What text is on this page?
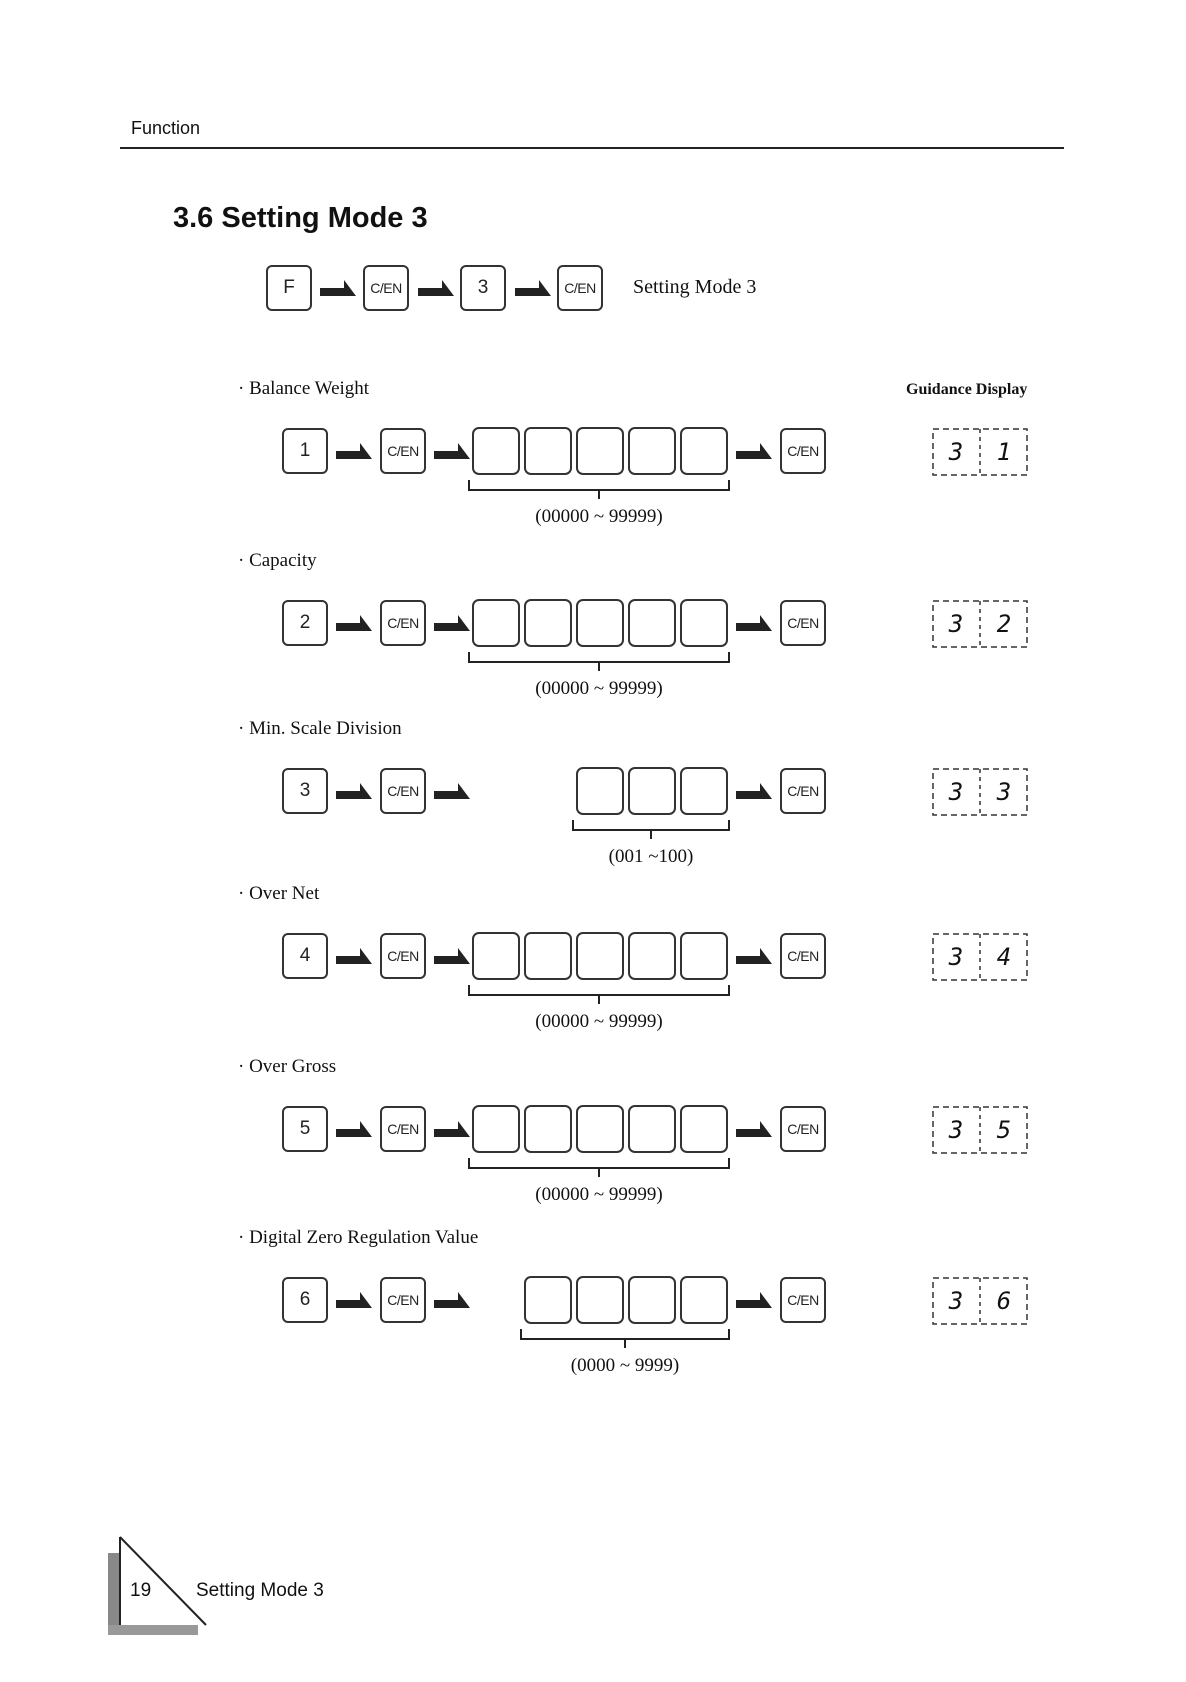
Function
3.6 Setting Mode 3
F	C/EN	3	C/EN	Setting Mode 3
Guidance Display
· Balance Weight
1	C/EN	C/EN
(00000 ~ 99999)
3	1
· Capacity
2	C/EN	C/EN
(00000 ~ 99999)
3	2
· Min. Scale Division
3	C/EN	C/EN
(001 ~100)
3	3
· Over Net
4	C/EN	C/EN
(00000 ~ 99999)
3	4
· Over Gross
5	C/EN	C/EN
(00000 ~ 99999)
3	5
· Digital Zero Regulation Value
6	C/EN	C/EN
(0000 ~ 9999)
3	6
19 Setting Mode 3
